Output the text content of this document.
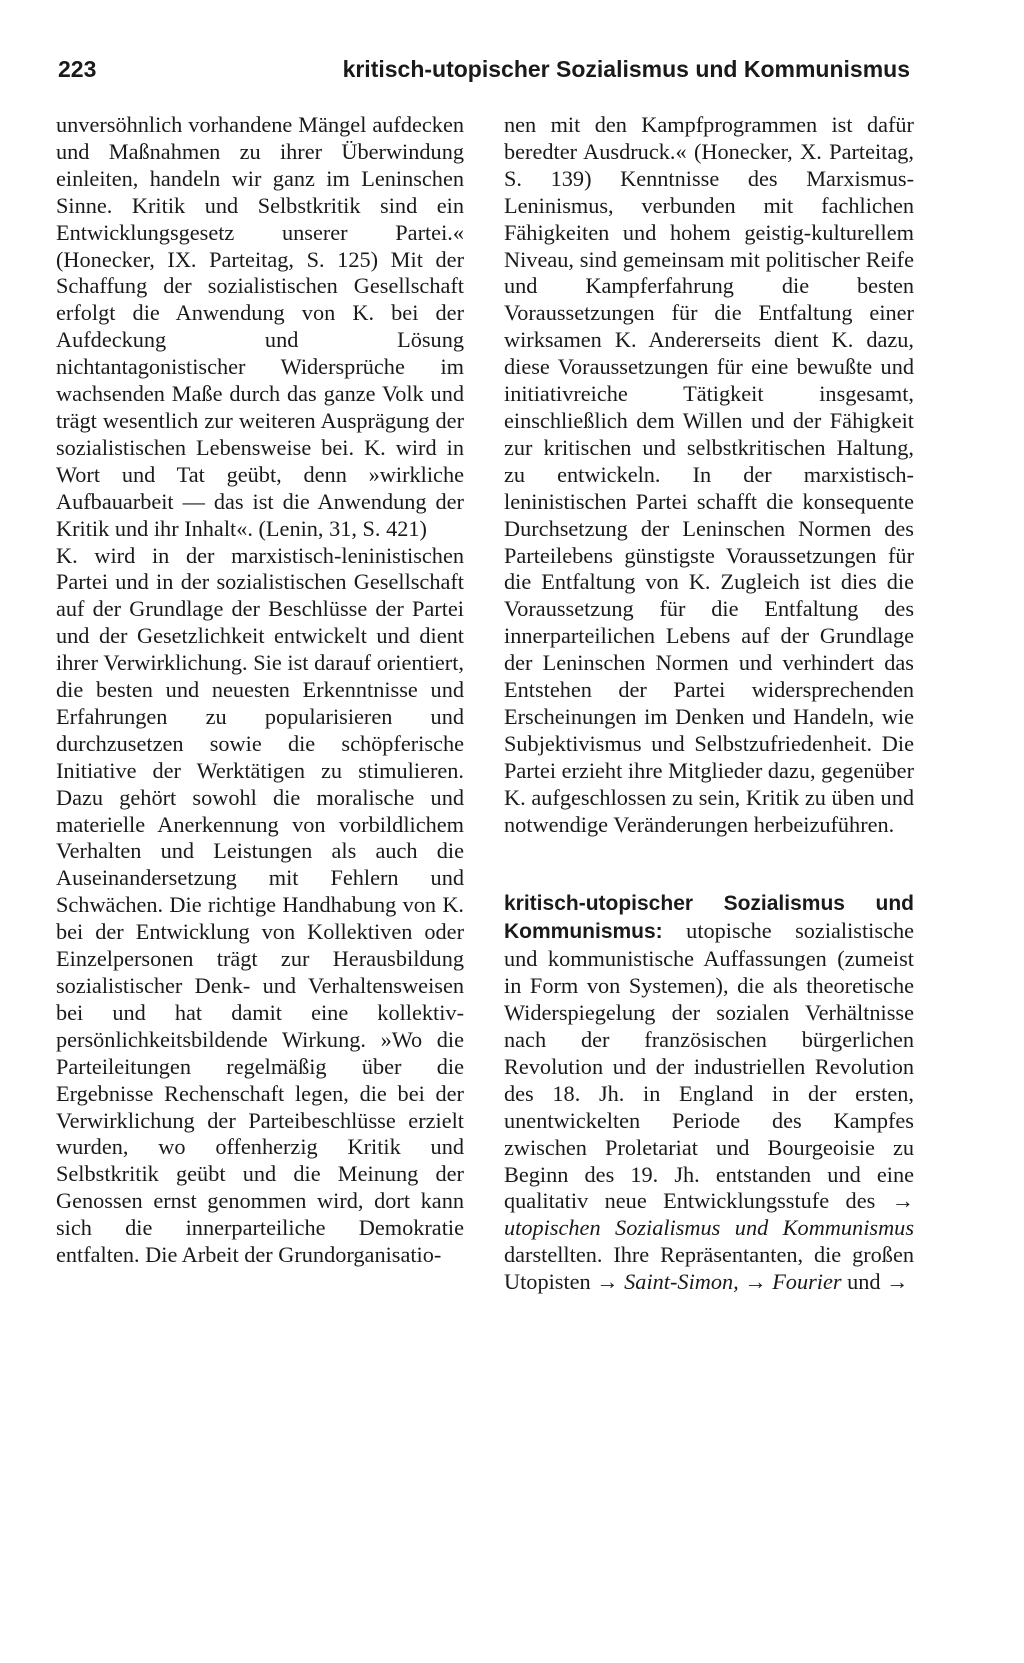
223	kritisch-utopischer Sozialismus und Kommunismus

unversöhnlich vorhandene Mängel aufdecken und Maßnahmen zu ihrer Überwindung einleiten, handeln wir ganz im Leninschen Sinne. Kritik und Selbstkritik sind ein Entwicklungsgesetz unserer Partei.« (Honecker, IX. Parteitag, S. 125) Mit der Schaffung der sozialistischen Gesellschaft erfolgt die Anwendung von K. bei der Aufdeckung und Lösung nichtantagonistischer Widersprüche im wachsenden Maße durch das ganze Volk und trägt wesentlich zur weiteren Ausprägung der sozialistischen Lebensweise bei. K. wird in Wort und Tat geübt, denn »wirkliche Aufbauarbeit — das ist die Anwendung der Kritik und ihr Inhalt«. (Lenin, 31, S. 421)

K. wird in der marxistisch-leninistischen Partei und in der sozialistischen Gesellschaft auf der Grundlage der Beschlüsse der Partei und der Gesetzlichkeit entwickelt und dient ihrer Verwirklichung. Sie ist darauf orientiert, die besten und neuesten Erkenntnisse und Erfahrungen zu popularisieren und durchzusetzen sowie die schöpferische Initiative der Werktätigen zu stimulieren. Dazu gehört sowohl die moralische und materielle Anerkennung von vorbildlichem Verhalten und Leistungen als auch die Auseinandersetzung mit Fehlern und Schwächen. Die richtige Handhabung von K. bei der Entwicklung von Kollektiven oder Einzelpersonen trägt zur Herausbildung sozialistischer Denk- und Verhaltensweisen bei und hat damit eine kollektiv-persönlichkeitsbildende Wirkung. »Wo die Parteileitungen regelmäßig über die Ergebnisse Rechenschaft legen, die bei der Verwirklichung der Parteibeschlüsse erzielt wurden, wo offenherzig Kritik und Selbstkritik geübt und die Meinung der Genossen ernst genommen wird, dort kann sich die innerparteiliche Demokratie entfalten. Die Arbeit der Grundorganisatio-

nen mit den Kampfprogrammen ist dafür beredter Ausdruck.« (Honecker, X. Parteitag, S. 139) Kenntnisse des Marxismus-Leninismus, verbunden mit fachlichen Fähigkeiten und hohem geistig-kulturellem Niveau, sind gemeinsam mit politischer Reife und Kampferfahrung die besten Voraussetzungen für die Entfaltung einer wirksamen K. Andererseits dient K. dazu, diese Voraussetzungen für eine bewußte und initiativreiche Tätigkeit insgesamt, einschließlich dem Willen und der Fähigkeit zur kritischen und selbstkritischen Haltung, zu entwickeln. In der marxistisch-leninistischen Partei schafft die konsequente Durchsetzung der Leninschen Normen des Parteilebens günstigste Voraussetzungen für die Entfaltung von K. Zugleich ist dies die Voraussetzung für die Entfaltung des innerparteilichen Lebens auf der Grundlage der Leninschen Normen und verhindert das Entstehen der Partei widersprechenden Erscheinungen im Denken und Handeln, wie Subjektivismus und Selbstzufriedenheit. Die Partei erzieht ihre Mitglieder dazu, gegenüber K. aufgeschlossen zu sein, Kritik zu üben und notwendige Veränderungen herbeizuführen.

kritisch-utopischer Sozialismus und Kommunismus: utopische sozialistische und kommunistische Auffassungen (zumeist in Form von Systemen), die als theoretische Widerspiegelung der sozialen Verhältnisse nach der französischen bürgerlichen Revolution und der industriellen Revolution des 18. Jh. in England in der ersten, unentwickelten Periode des Kampfes zwischen Proletariat und Bourgeoisie zu Beginn des 19. Jh. entstanden und eine qualitativ neue Entwicklungsstufe des → utopischen Sozialismus und Kommunismus darstellten. Ihre Repräsentanten, die großen Utopisten → Saint-Simon, → Fourier und →
